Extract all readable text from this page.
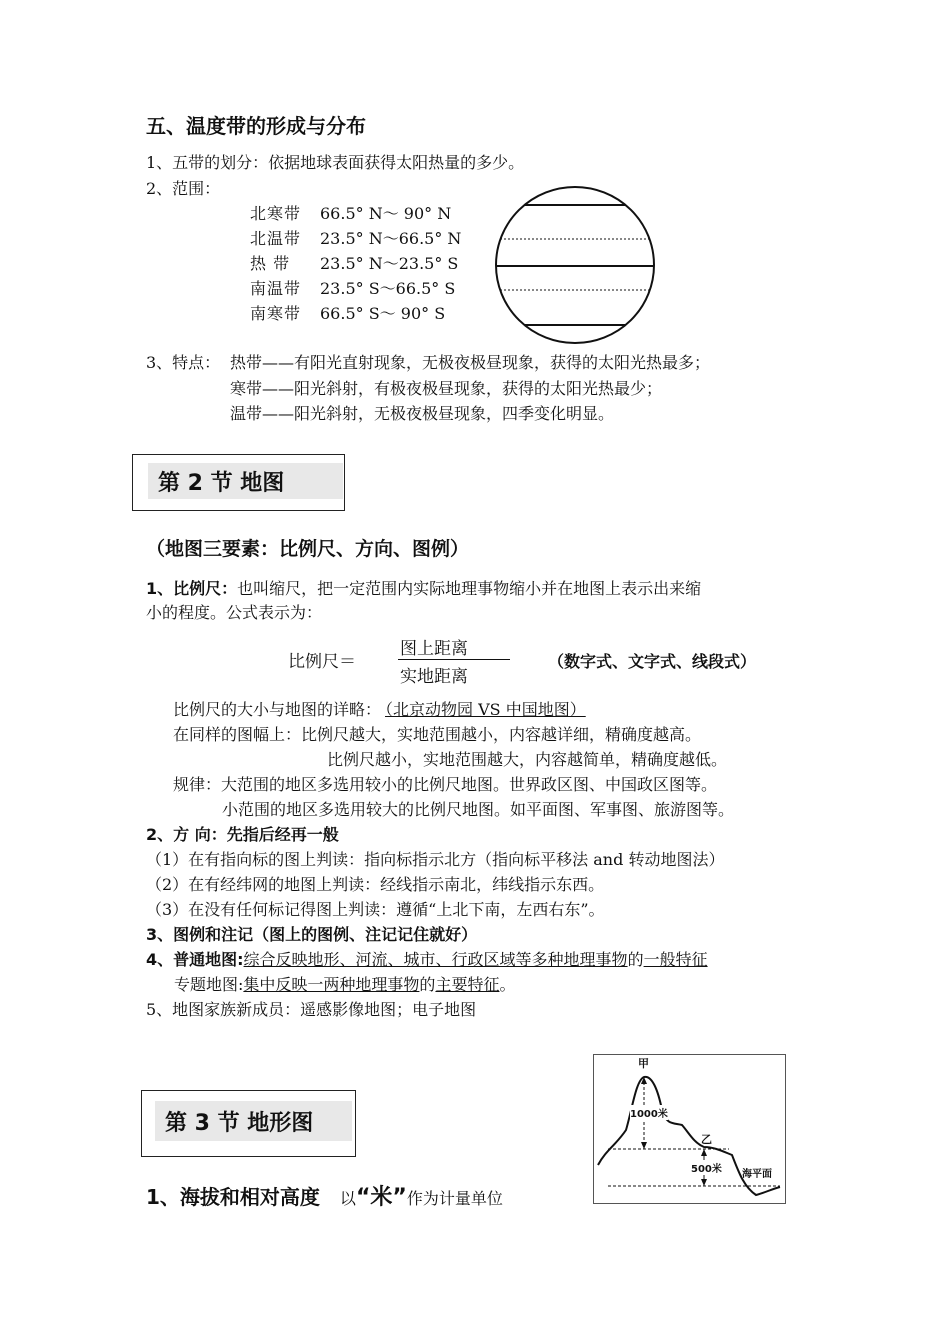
五、温度带的形成与分布
1、五带的划分：依据地球表面获得太阳热量的多少。
2、范围：
北寒带 66.5° N～ 90° N
北温带 23.5° N～66.5° N
热 带 23.5° N～23.5° S
南温带 23.5° S～66.5° S
南寒带 66.5° S～ 90° S
3、特点： 热带——有阳光直射现象，无极夜极昼现象，获得的太阳光热最多；
寒带——阳光斜射，有极夜极昼现象，获得的太阳光热最少；
温带——阳光斜射，无极夜极昼现象，四季变化明显。
第 2 节 地图
（地图三要素：比例尺、方向、图例）
1、比例尺：也叫缩尺，把一定范围内实际地理事物缩小并在地图上表示出来缩
小的程度。公式表示为：
比例尺＝
图上距离
实地距离
（数字式、文字式、线段式）
比例尺的大小与地图的详略： （北京动物园 VS 中国地图）
在同样的图幅上：比例尺越大，实地范围越小，内容越详细，精确度越高。
比例尺越小，实地范围越大，内容越简单，精确度越低。
规律：大范围的地区多选用较小的比例尺地图。世界政区图、中国政区图等。
小范围的地区多选用较大的比例尺地图。如平面图、军事图、旅游图等。
2、方 向：先指后经再一般
（1）在有指向标的图上判读：指向标指示北方（指向标平移法 and 转动地图法）
（2）在有经纬网的地图上判读：经线指示南北，纬线指示东西。
（3）在没有任何标记得图上判读：遵循“上北下南，左西右东”。
3、图例和注记（图上的图例、注记记住就好）
4、普通地图:综合反映地形、河流、城市、行政区域等多种地理事物的一般特征
专题地图:集中反映一两种地理事物的主要特征。
5、地图家族新成员：遥感影像地图；电子地图
第 3 节 地形图
1、海拔和相对高度 以“米”作为计量单位
甲
乙
1000米
500米 海平面
